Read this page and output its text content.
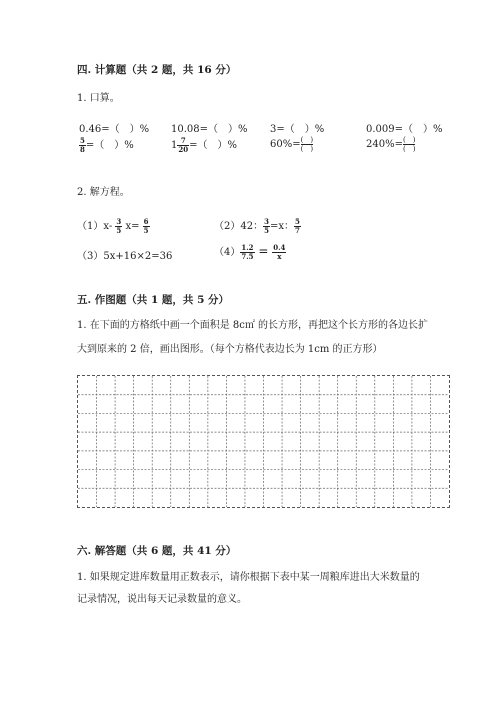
四. 计算题（共 2 题，共 16 分）
1. 口算。
0.46=（　）% 10.08=（　）% 3=（　）%	0.009=（　）%
$\frac{5}{8}$ =（　）%	$1 \frac{7}{20}$ =（　）%	$60\%= \frac{( )}{( )}$	$240\%= \frac{( )}{( )}$
2. 解方程。
$(1)x- \frac{3}{5} x= \frac{6}{5}$	（2）42： $\frac{3}{5} =x$： $\frac{5}{7}$
（3）5x+16×2=36	$(4) \frac{1.2}{7.5} = \frac{0.4}{x}$
五. 作图题（共 1 题，共 5 分）
1. 在下面的方格纸中画一个面积是 8c㎡ 的长方形，再把这个长方形的各边长扩
大到原来的 2 倍，画出图形。（每个方格代表边长为 1cm 的正方形）
六. 解答题（共 6 题，共 41 分）
1. 如果规定进库数量用正数表示，请你根据下表中某一周粮库进出大米数量的
记录情况，说出每天记录数量的意义。
